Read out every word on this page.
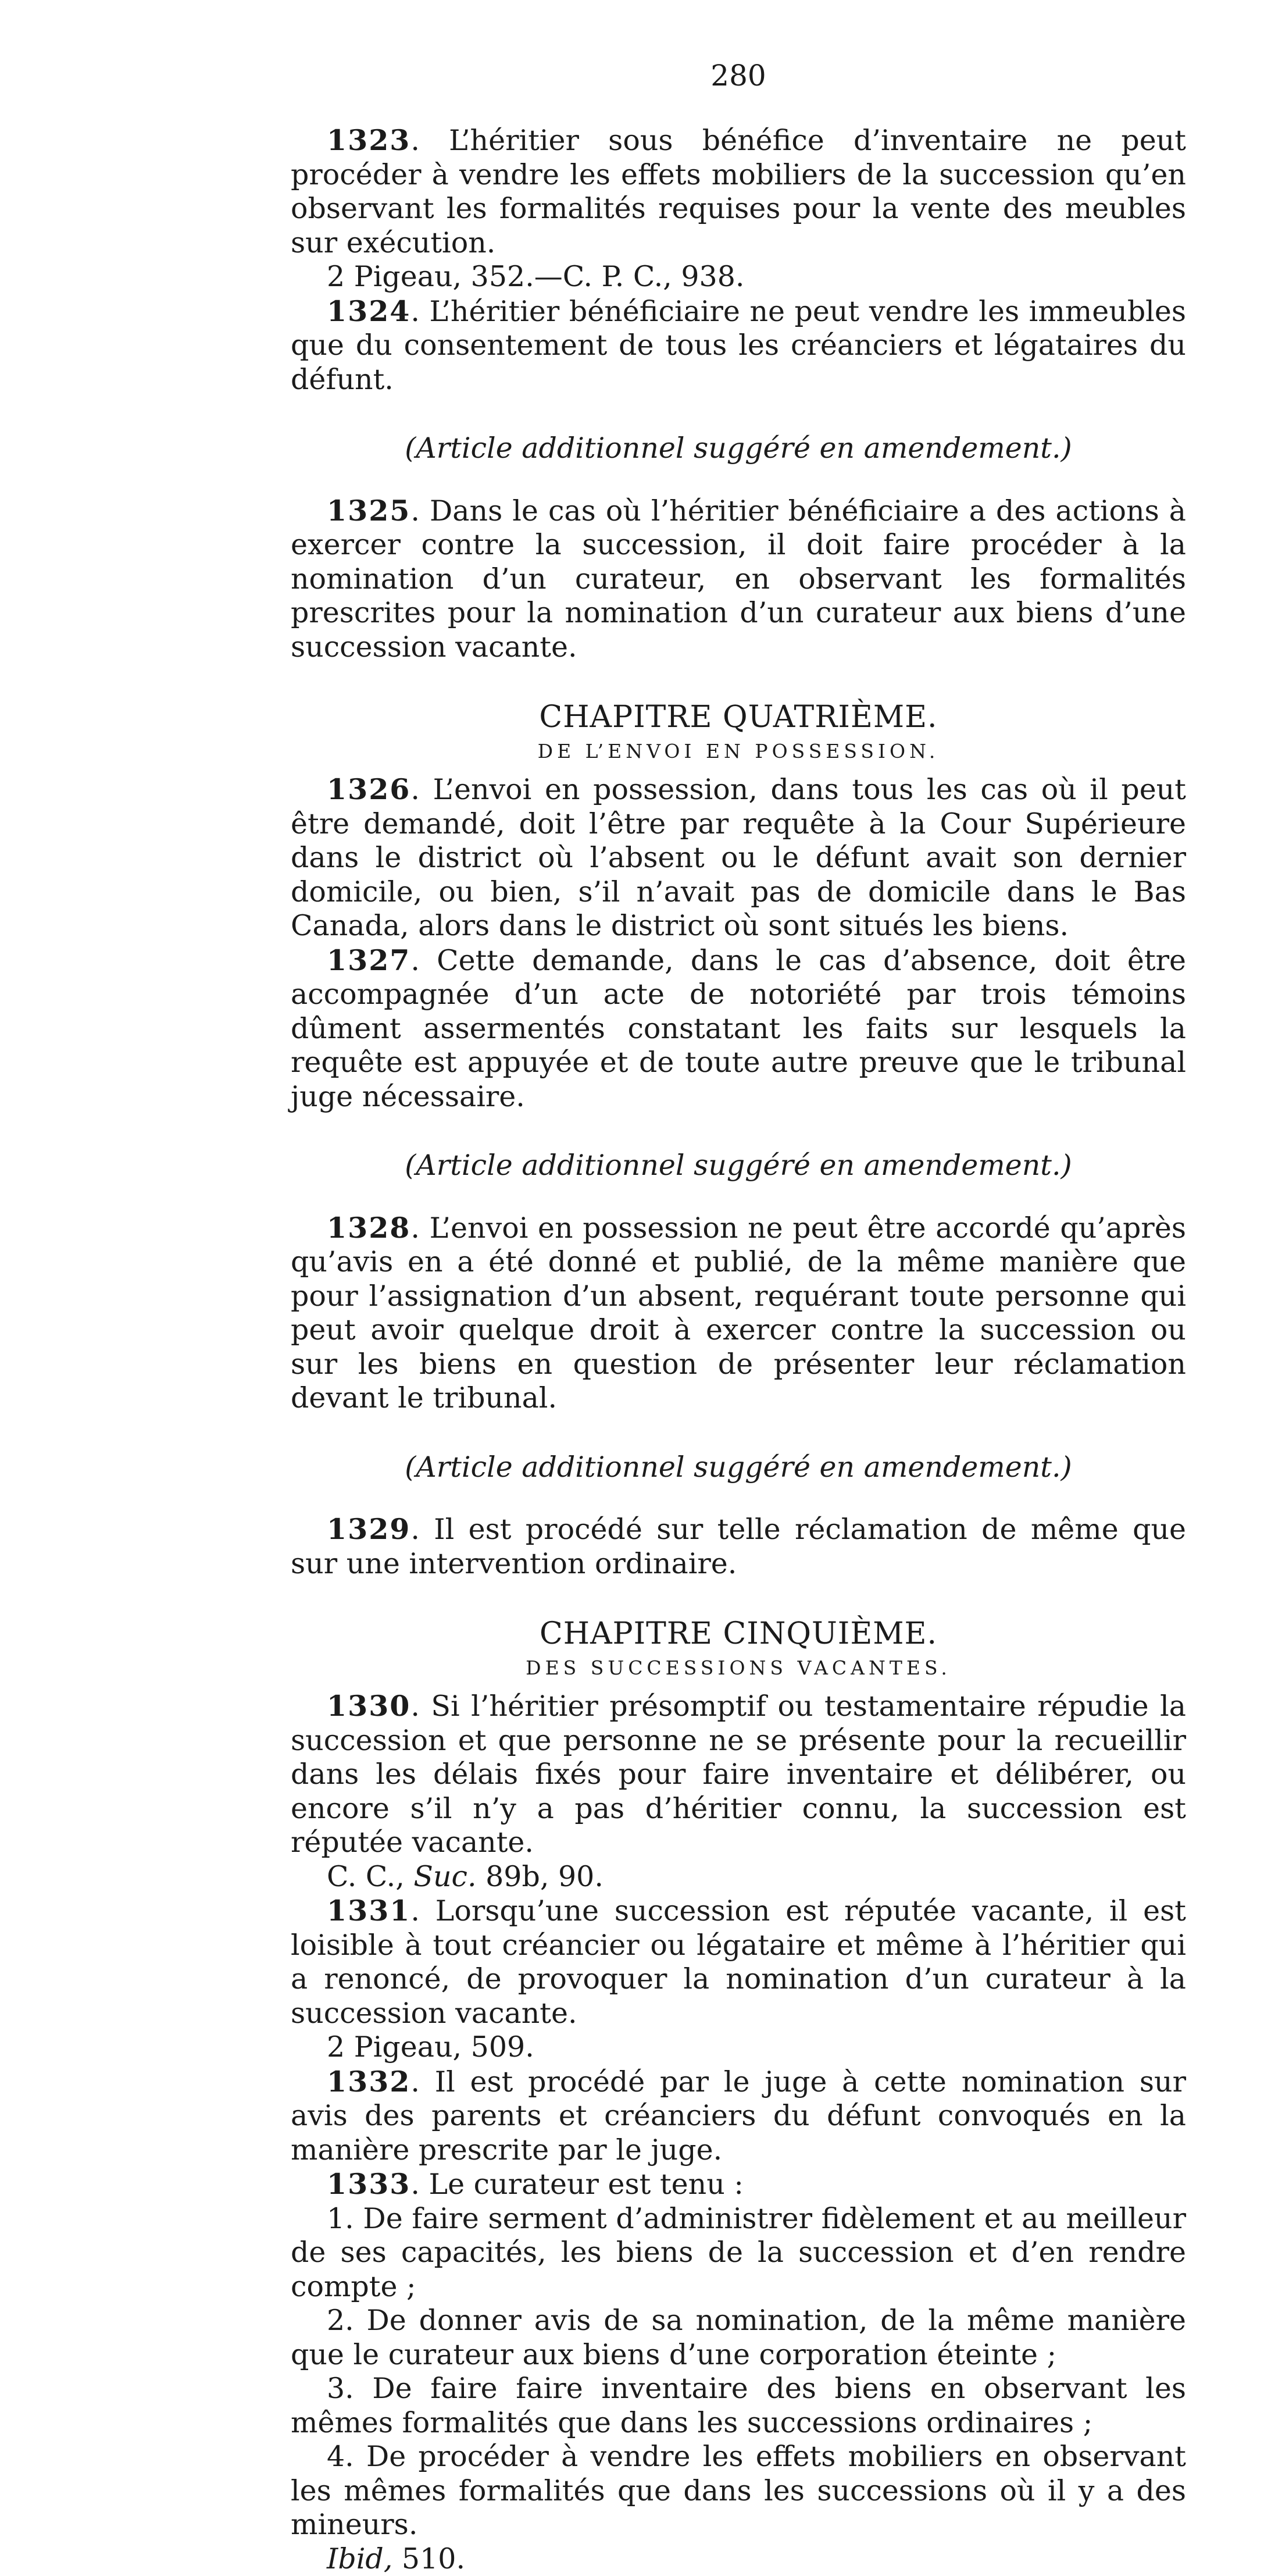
280

1323. L’héritier sous bénéfice d’inventaire ne peut procéder à vendre les effets mobiliers de la succession qu’en observant les formalités requises pour la vente des meubles sur exécution.

2 Pigeau, 352.—C. P. C., 938.

1324. L’héritier bénéficiaire ne peut vendre les immeubles que du consentement de tous les créanciers et légataires du défunt.

(Article additionnel suggéré en amendement.)

1325. Dans le cas où l’héritier bénéficiaire a des actions à exercer contre la succession, il doit faire procéder à la nomination d’un curateur, en observant les formalités prescrites pour la nomination d’un curateur aux biens d’une succession vacante.

CHAPITRE QUATRIÈME.
DE L’ENVOI EN POSSESSION.

1326. L’envoi en possession, dans tous les cas où il peut être demandé, doit l’être par requête à la Cour Supérieure dans le district où l’absent ou le défunt avait son dernier domicile, ou bien, s’il n’avait pas de domicile dans le Bas Canada, alors dans le district où sont situés les biens.

1327. Cette demande, dans le cas d’absence, doit être accompagnée d’un acte de notoriété par trois témoins dûment assermentés constatant les faits sur lesquels la requête est appuyée et de toute autre preuve que le tribunal juge nécessaire.

(Article additionnel suggéré en amendement.)

1328. L’envoi en possession ne peut être accordé qu’après qu’avis en a été donné et publié, de la même manière que pour l’assignation d’un absent, requérant toute personne qui peut avoir quelque droit à exercer contre la succession ou sur les biens en question de présenter leur réclamation devant le tribunal.

(Article additionnel suggéré en amendement.)

1329. Il est procédé sur telle réclamation de même que sur une intervention ordinaire.

CHAPITRE CINQUIÈME.
DES SUCCESSIONS VACANTES.

1330. Si l’héritier présomptif ou testamentaire répudie la succession et que personne ne se présente pour la recueillir dans les délais fixés pour faire inventaire et délibérer, ou encore s’il n’y a pas d’héritier connu, la succession est réputée vacante.

C. C., Suc. 89b, 90.

1331. Lorsqu’une succession est réputée vacante, il est loisible à tout créancier ou légataire et même à l’héritier qui a renoncé, de provoquer la nomination d’un curateur à la succession vacante.

2 Pigeau, 509.

1332. Il est procédé par le juge à cette nomination sur avis des parents et créanciers du défunt convoqués en la manière prescrite par le juge.

1333. Le curateur est tenu :

1. De faire serment d’administrer fidèlement et au meilleur de ses capacités, les biens de la succession et d’en rendre compte ;

2. De donner avis de sa nomination, de la même manière que le curateur aux biens d’une corporation éteinte ;

3. De faire faire inventaire des biens en observant les mêmes formalités que dans les successions ordinaires ;

4. De procéder à vendre les effets mobiliers en observant les mêmes formalités que dans les successions où il y a des mineurs.

Ibid, 510.
